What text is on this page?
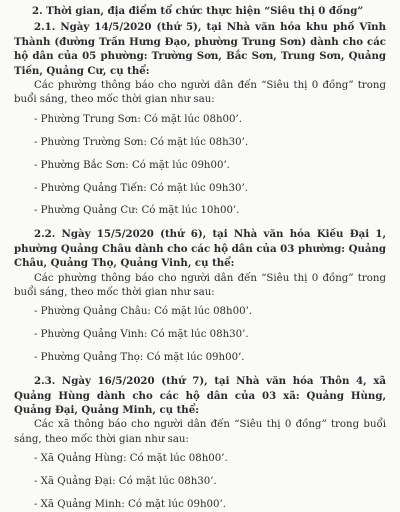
2. Thời gian, địa điểm tổ chức thực hiện “Siêu thị 0 đồng”
2.1. Ngày 14/5/2020 (thứ 5), tại Nhà văn hóa khu phố Vĩnh Thành (đường Trần Hưng Đạo, phường Trung Sơn) dành cho các hộ dân của 05 phường: Trường Sơn, Bắc Sơn, Trung Sơn, Quảng Tiến, Quảng Cư, cụ thể:
Các phường thông báo cho người dân đến “Siêu thị 0 đồng” trong buổi sáng, theo mốc thời gian như sau:
- Phường Trung Sơn: Có mặt lúc 08h00’.
- Phường Trường Sơn: Có mặt lúc 08h30’.
- Phường Bắc Sơn: Có mặt lúc 09h00’.
- Phường Quảng Tiến: Có mặt lúc 09h30’.
- Phường Quảng Cư: Có mặt lúc 10h00’.
2.2. Ngày 15/5/2020 (thứ 6), tại Nhà văn hóa Kiều Đại 1, phường Quảng Châu dành cho các hộ dân của 03 phường: Quảng Châu, Quảng Thọ, Quảng Vinh, cụ thể:
Các phường thông báo cho người dân đến “Siêu thị 0 đồng” trong buổi sáng, theo mốc thời gian như sau:
- Phường Quảng Châu: Có mặt lúc 08h00’.
- Phường Quảng Vinh: Có mặt lúc 08h30’.
- Phường Quảng Thọ: Có mặt lúc 09h00’.
2.3. Ngày 16/5/2020 (thứ 7), tại Nhà văn hóa Thôn 4, xã Quảng Hùng dành cho các hộ dân của 03 xã: Quảng Hùng, Quảng Đại, Quảng Minh, cụ thể:
Các xã thông báo cho người dân đến “Siêu thị 0 đồng” trong buổi sáng, theo mốc thời gian như sau:
- Xã Quảng Hùng: Có mặt lúc 08h00’.
- Xã Quảng Đại: Có mặt lúc 08h30’.
- Xã Quảng Minh: Có mặt lúc 09h00’.
